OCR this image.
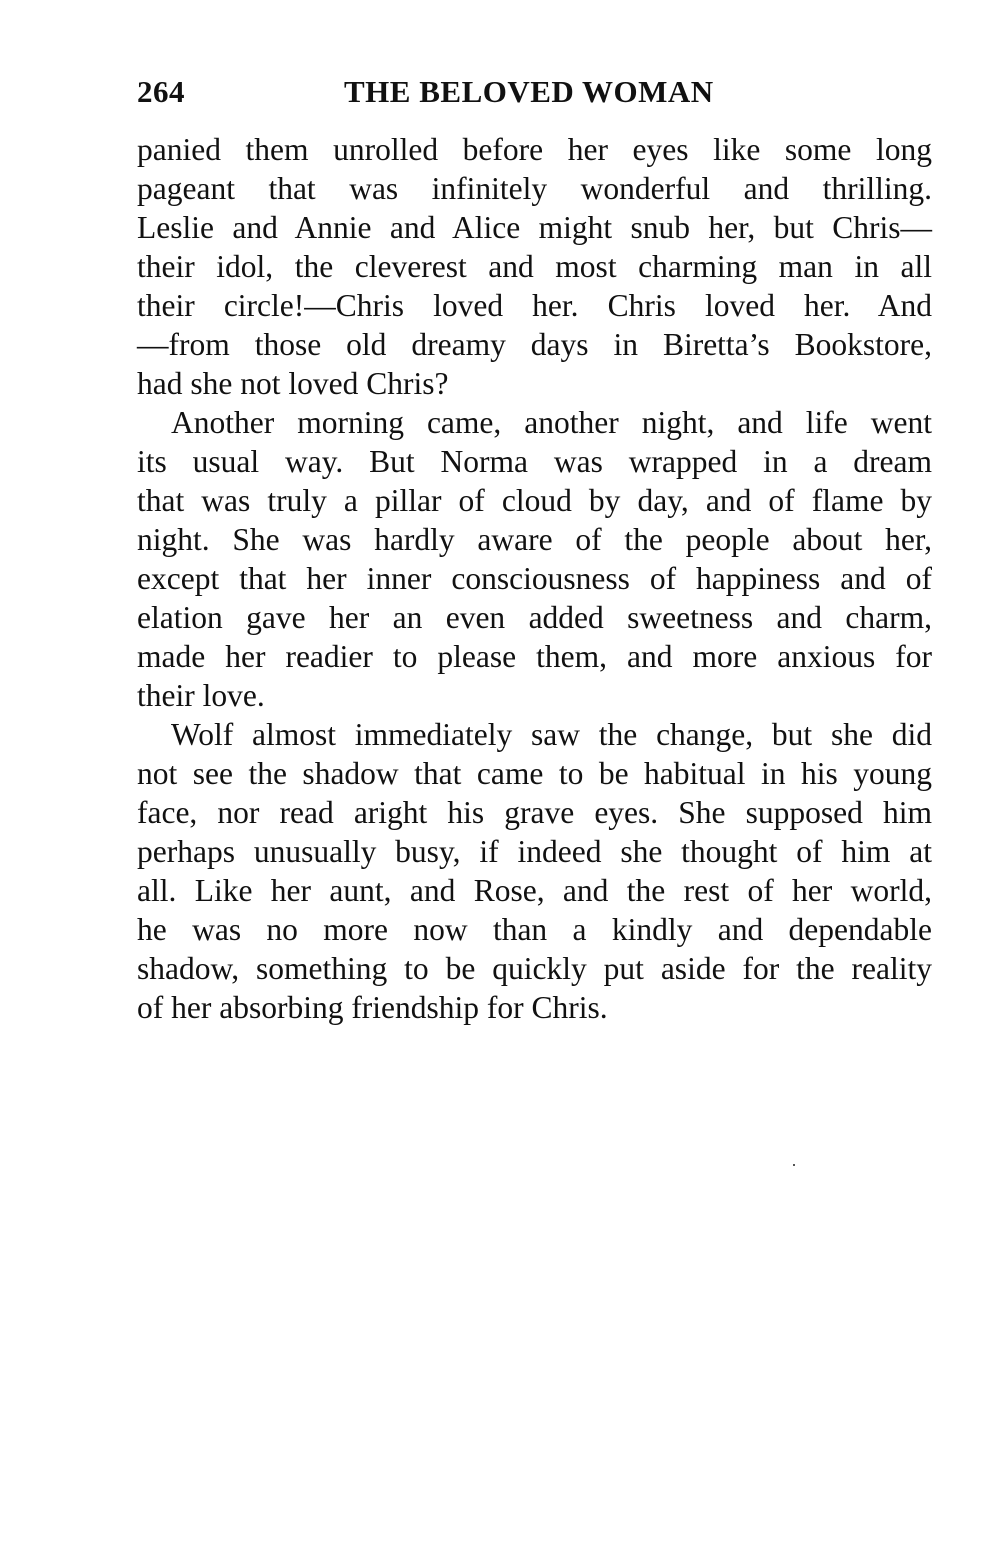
264	THE BELOVED WOMAN
panied them unrolled before her eyes like some long
pageant that was infinitely wonderful and thrilling.
Leslie and Annie and Alice might snub her, but Chris—
their idol, the cleverest and most charming man in all
their circle!—Chris loved her. Chris loved her. And
—from those old dreamy days in Biretta’s Bookstore,
had she not loved Chris?
Another morning came, another night, and life went
its usual way. But Norma was wrapped in a dream
that was truly a pillar of cloud by day, and of flame by
night. She was hardly aware of the people about her,
except that her inner consciousness of happiness and of
elation gave her an even added sweetness and charm,
made her readier to please them, and more anxious for
their love.
Wolf almost immediately saw the change, but she did
not see the shadow that came to be habitual in his young
face, nor read aright his grave eyes. She supposed him
perhaps unusually busy, if indeed she thought of him at
all. Like her aunt, and Rose, and the rest of her world,
he was no more now than a kindly and dependable
shadow, something to be quickly put aside for the reality
of her absorbing friendship for Chris.
